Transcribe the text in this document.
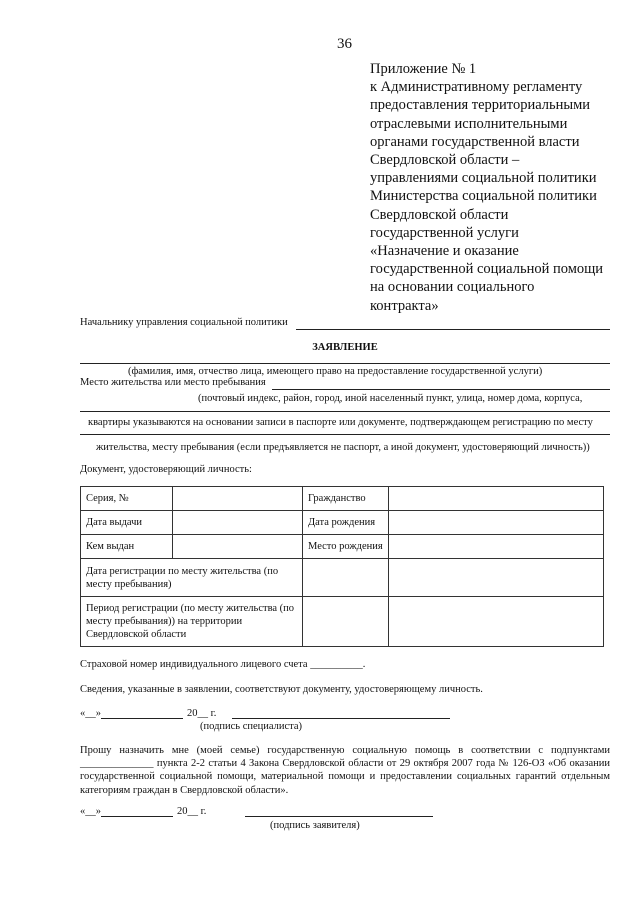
36
Приложение № 1
к Административному регламенту
предоставления территориальными
отраслевыми исполнительными
органами государственной власти
Свердловской области –
управлениями социальной политики
Министерства социальной политики
Свердловской области
государственной услуги
«Назначение и оказание
государственной социальной помощи
на основании социального
контракта»
Начальнику управления социальной политики
ЗАЯВЛЕНИЕ
(фамилия, имя, отчество лица, имеющего право на предоставление государственной услуги)
Место жительства или место пребывания
(почтовый индекс, район, город, иной населенный пункт, улица, номер дома, корпуса,
квартиры указываются на основании записи в паспорте или документе, подтверждающем регистрацию по месту
жительства, месту пребывания (если предъявляется не паспорт, а иной документ, удостоверяющий личность))
Документ, удостоверяющий личность:
Серия, №		Гражданство	
Дата выдачи		Дата рождения	
Кем выдан		Место рождения	
Дата регистрации по месту жительства (по месту пребывания)			
Период регистрации (по месту жительства (по месту пребывания)) на территории Свердловской области			
Страховой номер индивидуального лицевого счета __________.
Сведения, указанные в заявлении, соответствуют документу, удостоверяющему личность.
«__»	20__ г.
(подпись специалиста)
Прошу назначить мне (моей семье) государственную социальную помощь в соответствии с подпунктами ______________ пункта 2-2 статьи 4 Закона Свердловской области от 29 октября 2007 года № 126-ОЗ «Об оказании государственной социальной помощи, материальной помощи и предоставлении социальных гарантий отдельным категориям граждан в Свердловской области».
«__»	20__ г.
(подпись заявителя)
